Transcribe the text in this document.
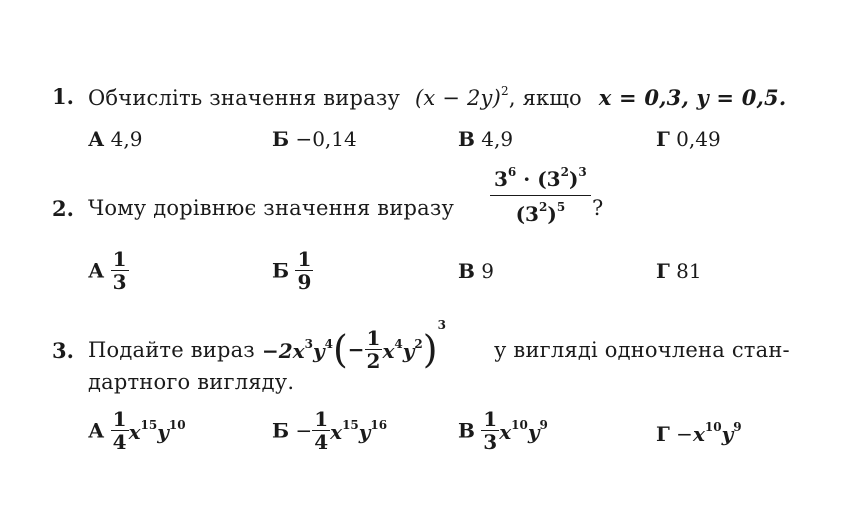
1. Обчисліть значення виразу $(x - 2y)^2$, якщо x = 0,3, y = 0,5.
А 4,9	Б −0,14	В 4,9	Г 0,49
2. Чому дорівнює значення виразу $\frac{3^6 \cdot (3^2)^3}{(3^2)^5}$ ?
А $\frac{1}{3}$	Б $\frac{1}{9}$	В 9	Г 81
3. Подайте вираз $-2x^3y^4(- \frac{1}{2} x^4y^2)^3$
у вигляді одночлена стан-
дартного вигляду.
А $\frac{1}{4} x^{15}y^{10}$	$Б - \frac{1}{4} x^{15}y^{16}$	В $\frac{1}{3} x^{10}y^9$	$Г -x^{10}y^9$
